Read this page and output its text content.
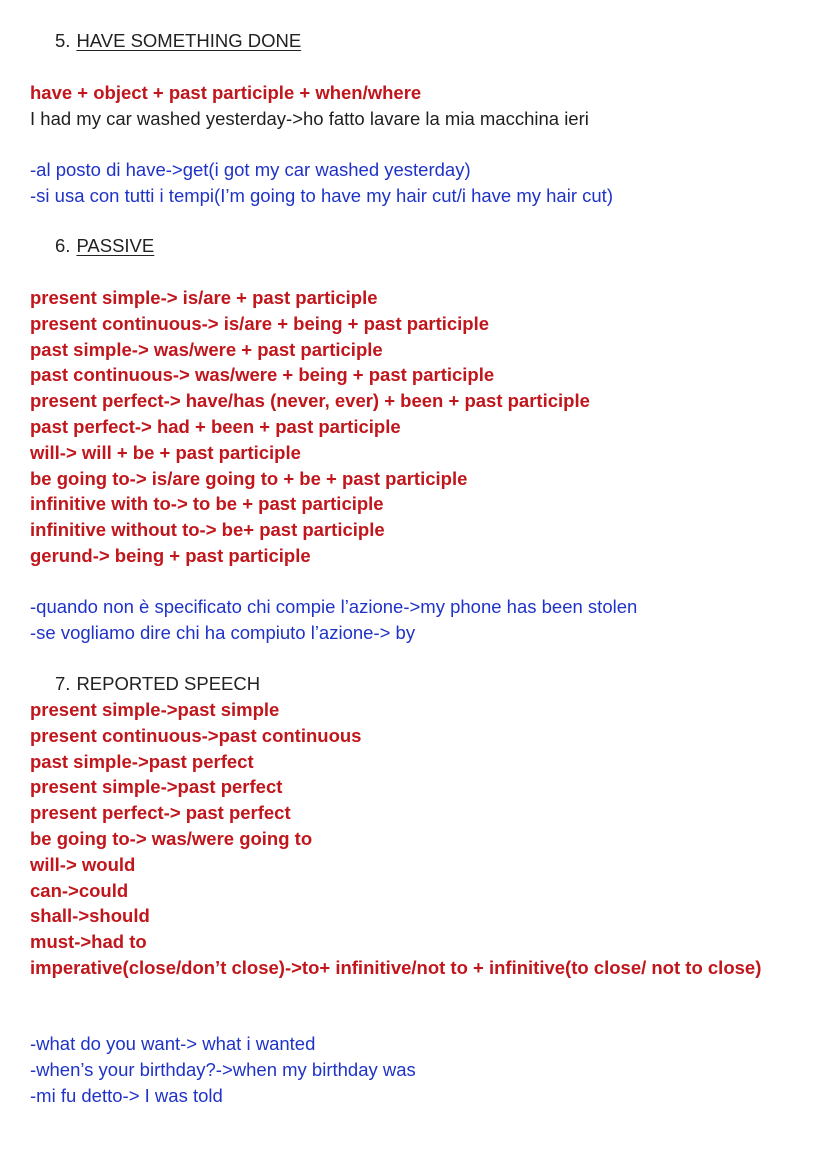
5. HAVE SOMETHING DONE
have + object + past participle + when/where
I had my car washed yesterday->ho fatto lavare la mia macchina ieri
-al posto di have->get(i got my car washed yesterday)
-si usa con tutti i tempi(I’m going to have my hair cut/i have my hair cut)
6. PASSIVE
present simple-> is/are + past participle
present continuous-> is/are + being + past participle
past simple-> was/were + past participle
past continuous-> was/were + being + past participle
present perfect-> have/has (never, ever) + been + past participle
past perfect-> had + been + past participle
will-> will + be + past participle
be going to-> is/are going to + be + past participle
infinitive with to-> to be + past participle
infinitive without to-> be+ past participle
gerund-> being + past participle
-quando non è specificato chi compie l’azione->my phone has been stolen
-se vogliamo dire chi ha compiuto l’azione-> by
7. REPORTED SPEECH
present simple->past simple
present continuous->past continuous
past simple->past perfect
present simple->past perfect
present perfect-> past perfect
be going to-> was/were going to
will-> would
can->could
shall->should
must->had to
imperative(close/don’t close)->to+ infinitive/not to + infinitive(to close/ not to close)
-what do you want-> what i wanted
-when’s your birthday?->when my birthday was
-mi fu detto-> I was told
